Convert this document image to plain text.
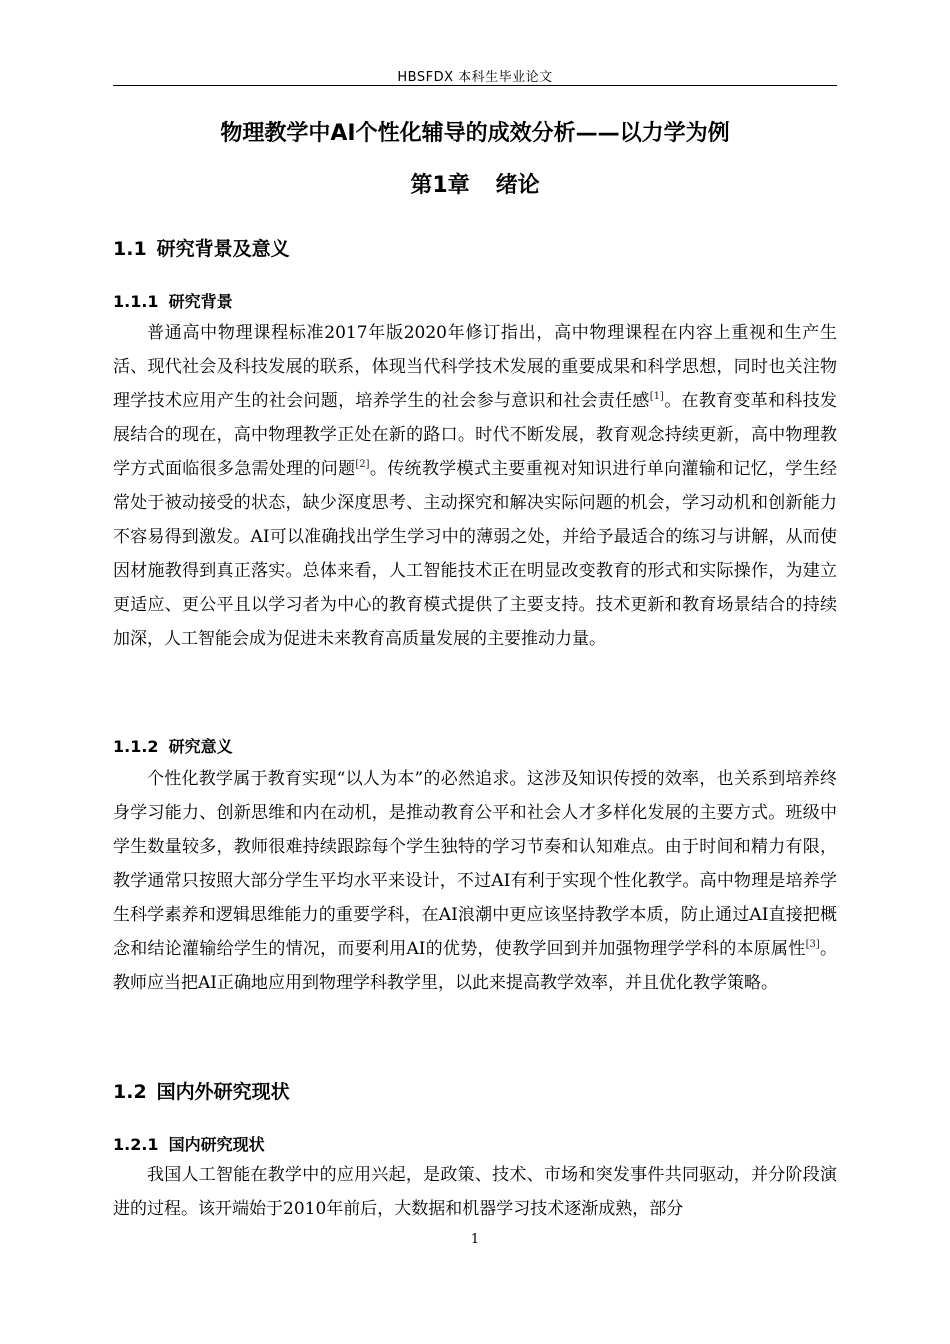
HBSFDX 本科生毕业论文
物理教学中AI个性化辅导的成效分析——以力学为例
第1章 绪论
1.1 研究背景及意义
1.1.1 研究背景

普通高中物理课程标准2017年版2020年修订指出，高中物理课程在内容上重视和生产生活、现代社会及科技发展的联系，体现当代科学技术发展的重要成果和科学思想，同时也关注物理学技术应用产生的社会问题，培养学生的社会参与意识和社会责任感[1]。在教育变革和科技发展结合的现在，高中物理教学正处在新的路口。时代不断发展，教育观念持续更新，高中物理教学方式面临很多急需处理的问题[2]。传统教学模式主要重视对知识进行单向灌输和记忆，学生经常处于被动接受的状态，缺少深度思考、主动探究和解决实际问题的机会，学习动机和创新能力不容易得到激发。AI可以准确找出学生学习中的薄弱之处，并给予最适合的练习与讲解，从而使因材施教得到真正落实。总体来看，人工智能技术正在明显改变教育的形式和实际操作，为建立更适应、更公平且以学习者为中心的教育模式提供了主要支持。技术更新和教育场景结合的持续加深，人工智能会成为促进未来教育高质量发展的主要推动力量。

1.1.2 研究意义

个性化教学属于教育实现“以人为本”的必然追求。这涉及知识传授的效率，也关系到培养终身学习能力、创新思维和内在动机，是推动教育公平和社会人才多样化发展的主要方式。班级中学生数量较多，教师很难持续跟踪每个学生独特的学习节奏和认知难点。由于时间和精力有限，教学通常只按照大部分学生平均水平来设计，不过AI有利于实现个性化教学。高中物理是培养学生科学素养和逻辑思维能力的重要学科，在AI浪潮中更应该坚持教学本质，防止通过AI直接把概念和结论灌输给学生的情况，而要利用AI的优势，使教学回到并加强物理学学科的本原属性[3]。教师应当把AI正确地应用到物理学科教学里，以此来提高教学效率，并且优化教学策略。

1.2 国内外研究现状
1.2.1 国内研究现状

我国人工智能在教学中的应用兴起，是政策、技术、市场和突发事件共同驱动，并分阶段演进的过程。该开端始于2010年前后，大数据和机器学习技术逐渐成熟，部分

1
